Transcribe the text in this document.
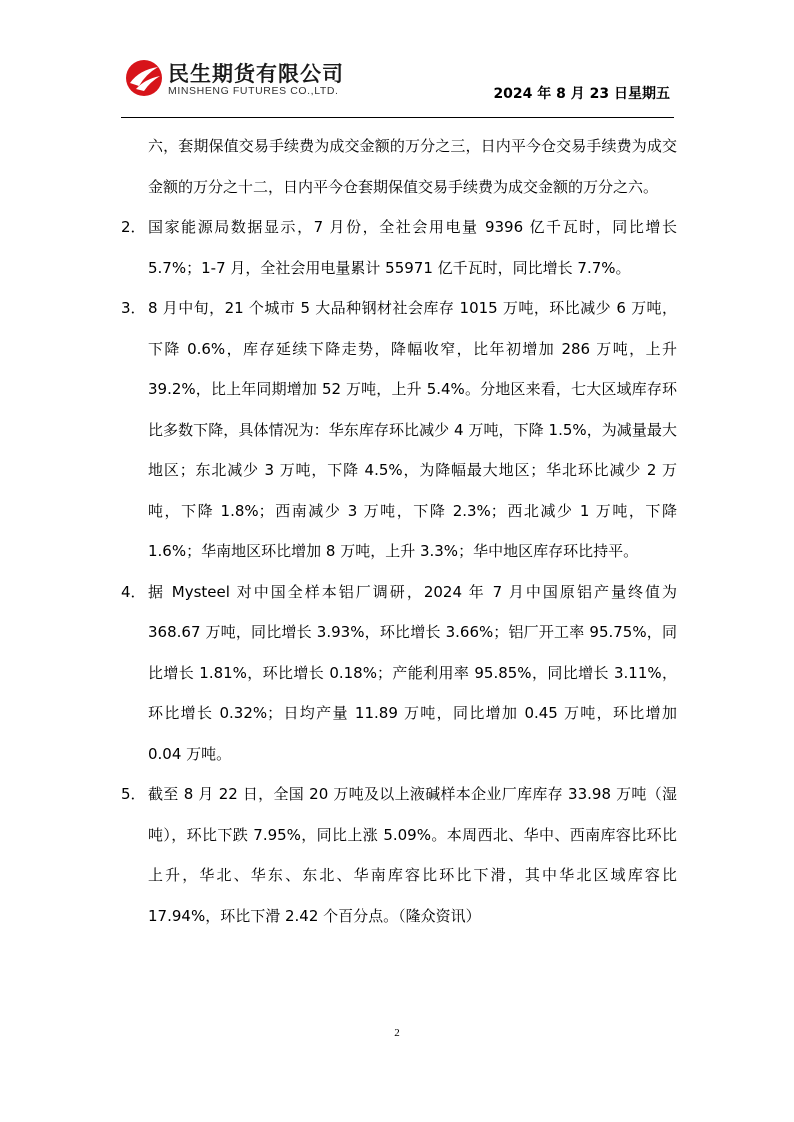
民生期货有限公司
MINSHENG FUTURES CO.,LTD.	2024 年 8 月 23 日星期五

六，套期保值交易手续费为成交金额的万分之三，日内平今仓交易手续费为成交金额的万分之十二，日内平今仓套期保值交易手续费为成交金额的万分之六。

2． 国家能源局数据显示，7 月份，全社会用电量 9396 亿千瓦时，同比增长 5.7%；1-7 月，全社会用电量累计 55971 亿千瓦时，同比增长 7.7%。
3． 8 月中旬，21 个城市 5 大品种钢材社会库存 1015 万吨，环比减少 6 万吨，下降 0.6%，库存延续下降走势，降幅收窄，比年初增加 286 万吨，上升 39.2%，比上年同期增加 52 万吨，上升 5.4%。分地区来看，七大区域库存环比多数下降，具体情况为：华东库存环比减少 4 万吨，下降 1.5%，为减量最大地区；东北减少 3 万吨，下降 4.5%，为降幅最大地区；华北环比减少 2 万吨，下降 1.8%；西南减少 3 万吨，下降 2.3%；西北减少 1 万吨，下降 1.6%；华南地区环比增加 8 万吨，上升 3.3%；华中地区库存环比持平。
4． 据 Mysteel 对中国全样本铝厂调研，2024 年 7 月中国原铝产量终值为 368.67 万吨，同比增长 3.93%，环比增长 3.66%；铝厂开工率 95.75%，同比增长 1.81%，环比增长 0.18%；产能利用率 95.85%，同比增长 3.11%，环比增长 0.32%；日均产量 11.89 万吨，同比增加 0.45 万吨，环比增加 0.04 万吨。
5． 截至 8 月 22 日，全国 20 万吨及以上液碱样本企业厂库库存 33.98 万吨（湿吨），环比下跌 7.95%，同比上涨 5.09%。本周西北、华中、西南库容比环比上升，华北、华东、东北、华南库容比环比下滑，其中华北区域库容比 17.94%，环比下滑 2.42 个百分点。（隆众资讯）
2
